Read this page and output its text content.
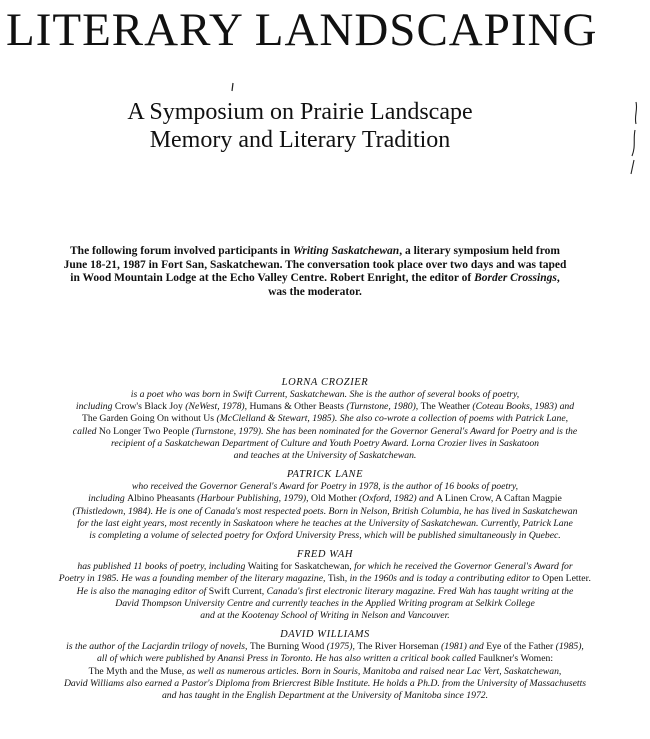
LITERARY LANDSCAPING
A Symposium on Prairie Landscape
Memory and Literary Tradition

The following forum involved participants in Writing Saskatchewan, a literary symposium held from June 18-21, 1987 in Fort San, Saskatchewan. The conversation took place over two days and was taped in Wood Mountain Lodge at the Echo Valley Centre. Robert Enright, the editor of Border Crossings, was the moderator.

LORNA CROZIER
is a poet who was born in Swift Current, Saskatchewan. She is the author of several books of poetry,
including Crow's Black Joy (NeWest, 1978), Humans & Other Beasts (Turnstone, 1980), The Weather (Coteau Books, 1983) and
The Garden Going On without Us (McClelland & Stewart, 1985). She also co-wrote a collection of poems with Patrick Lane,
called No Longer Two People (Turnstone, 1979). She has been nominated for the Governor General's Award for Poetry and is the
recipient of a Saskatchewan Department of Culture and Youth Poetry Award. Lorna Crozier lives in Saskatoon
and teaches at the University of Saskatchewan.
PATRICK LANE
who received the Governor General's Award for Poetry in 1978, is the author of 16 books of poetry,
including Albino Pheasants (Harbour Publishing, 1979), Old Mother (Oxford, 1982) and A Linen Crow, A Caftan Magpie
(Thistledown, 1984). He is one of Canada's most respected poets. Born in Nelson, British Columbia, he has lived in Saskatchewan
for the last eight years, most recently in Saskatoon where he teaches at the University of Saskatchewan. Currently, Patrick Lane
is completing a volume of selected poetry for Oxford University Press, which will be published simultaneously in Quebec.
FRED WAH
has published 11 books of poetry, including Waiting for Saskatchewan, for which he received the Governor General's Award for
Poetry in 1985. He was a founding member of the literary magazine, Tish, in the 1960s and is today a contributing editor to Open Letter.
He is also the managing editor of Swift Current, Canada's first electronic literary magazine. Fred Wah has taught writing at the
David Thompson University Centre and currently teaches in the Applied Writing program at Selkirk College
and at the Kootenay School of Writing in Nelson and Vancouver.
DAVID WILLIAMS
is the author of the Lacjardin trilogy of novels, The Burning Wood (1975), The River Horseman (1981) and Eye of the Father (1985),
all of which were published by Anansi Press in Toronto. He has also written a critical book called Faulkner's Women:
The Myth and the Muse, as well as numerous articles. Born in Souris, Manitoba and raised near Lac Vert, Saskatchewan,
David Williams also earned a Pastor's Diploma from Briercrest Bible Institute. He holds a Ph.D. from the University of Massachusetts
and has taught in the English Department at the University of Manitoba since 1972.
